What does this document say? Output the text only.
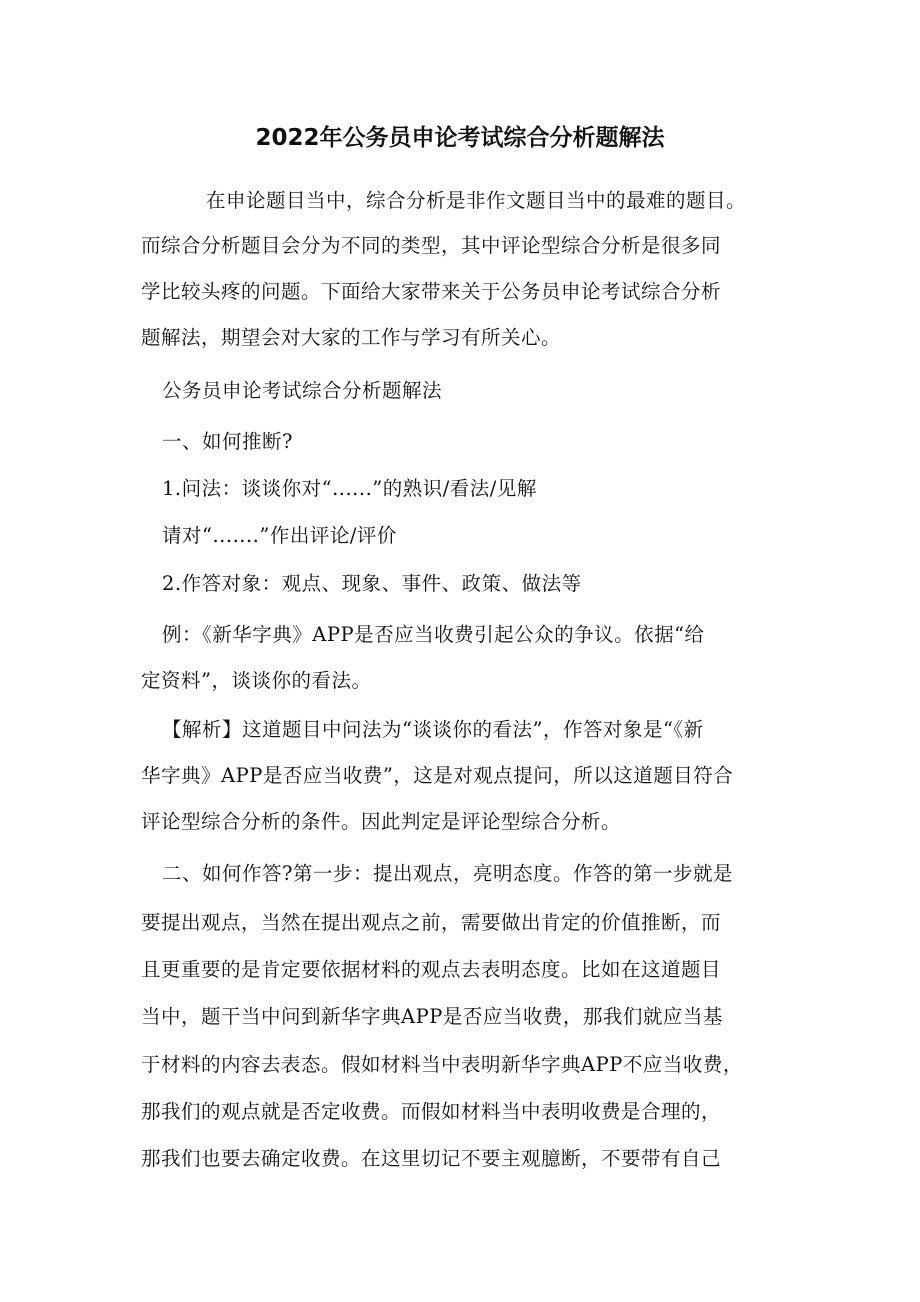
2022年公务员申论考试综合分析题解法

在申论题目当中，综合分析是非作文题目当中的最难的题目。

而综合分析题目会分为不同的类型，其中评论型综合分析是很多同

学比较头疼的问题。下面给大家带来关于公务员申论考试综合分析

题解法，期望会对大家的工作与学习有所关心。

公务员申论考试综合分析题解法

一、如何推断?

1.问法：谈谈你对“......”的熟识/看法/见解

请对“.......”作出评论/评价

2.作答对象：观点、现象、事件、政策、做法等

例：《新华字典》APP是否应当收费引起公众的争议。依据“给

定资料”，谈谈你的看法。

【解析】这道题目中问法为“谈谈你的看法”，作答对象是“《新

华字典》APP是否应当收费”，这是对观点提问，所以这道题目符合

评论型综合分析的条件。因此判定是评论型综合分析。

二、如何作答?第一步：提出观点，亮明态度。作答的第一步就是

要提出观点，当然在提出观点之前，需要做出肯定的价值推断，而

且更重要的是肯定要依据材料的观点去表明态度。比如在这道题目

当中，题干当中问到新华字典APP是否应当收费，那我们就应当基

于材料的内容去表态。假如材料当中表明新华字典APP不应当收费，

那我们的观点就是否定收费。而假如材料当中表明收费是合理的，

那我们也要去确定收费。在这里切记不要主观臆断，不要带有自己
